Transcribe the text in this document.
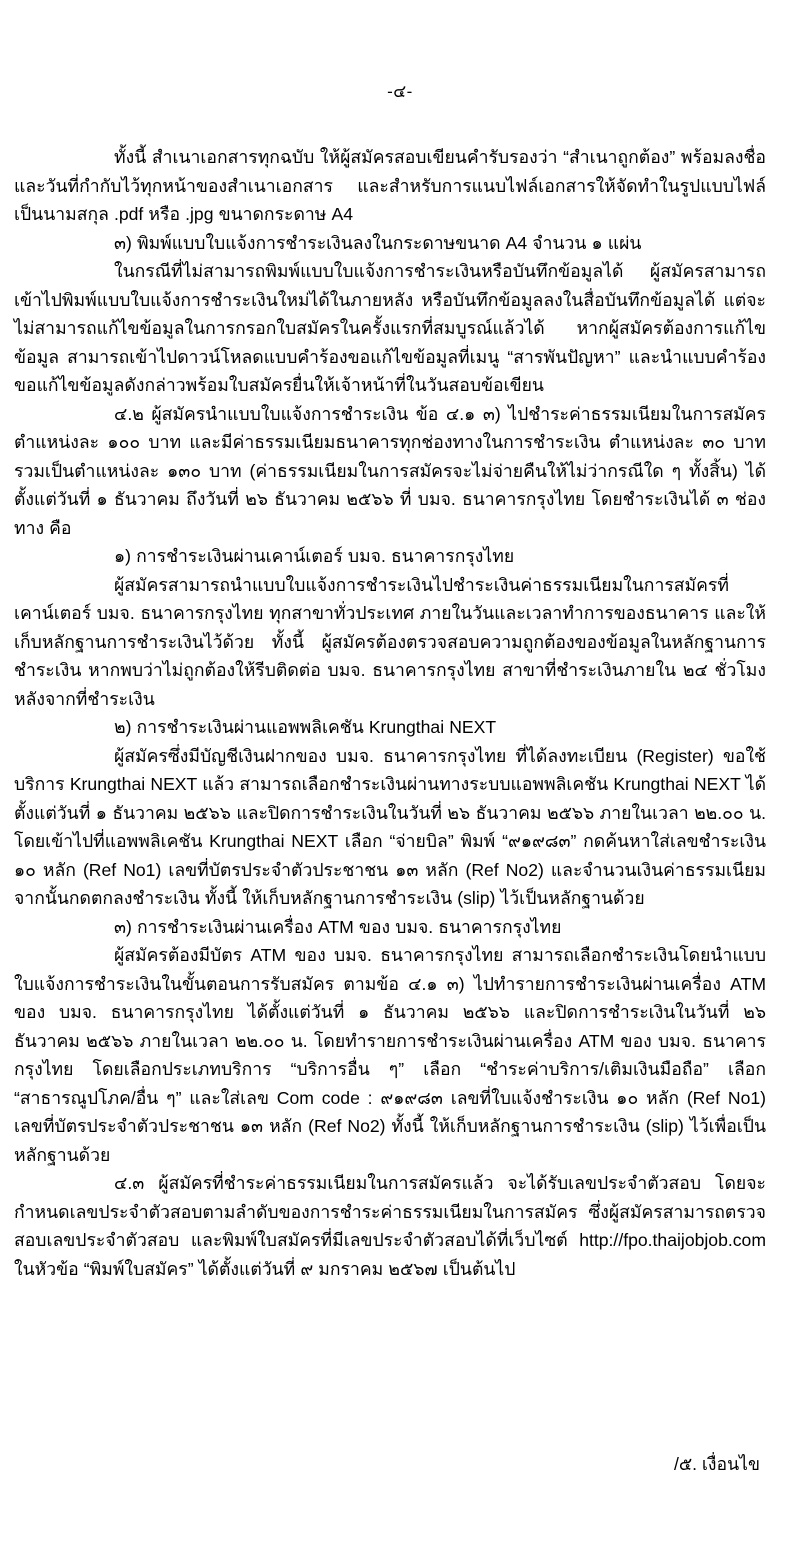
-๔-

ทั้งนี้ สำเนาเอกสารทุกฉบับ ให้ผู้สมัครสอบเขียนคำรับรองว่า “สำเนาถูกต้อง” พร้อมลงชื่อ และวันที่กำกับไว้ทุกหน้าของสำเนาเอกสาร และสำหรับการแนบไฟล์เอกสารให้จัดทำในรูปแบบไฟล์เป็นนามสกุล .pdf หรือ .jpg ขนาดกระดาษ A4

๓) พิมพ์แบบใบแจ้งการชำระเงินลงในกระดาษขนาด A4 จำนวน ๑ แผ่น

ในกรณีที่ไม่สามารถพิมพ์แบบใบแจ้งการชำระเงินหรือบันทึกข้อมูลได้ ผู้สมัครสามารถเข้าไปพิมพ์แบบใบแจ้งการชำระเงินใหม่ได้ในภายหลัง หรือบันทึกข้อมูลลงในสื่อบันทึกข้อมูลได้ แต่จะไม่สามารถแก้ไขข้อมูลในการกรอกใบสมัครในครั้งแรกที่สมบูรณ์แล้วได้ หากผู้สมัครต้องการแก้ไขข้อมูล สามารถเข้าไปดาวน์โหลดแบบคำร้องขอแก้ไขข้อมูลที่เมนู “สารพันปัญหา” และนำแบบคำร้องขอแก้ไขข้อมูลดังกล่าวพร้อมใบสมัครยื่นให้เจ้าหน้าที่ในวันสอบข้อเขียน

๔.๒ ผู้สมัครนำแบบใบแจ้งการชำระเงิน ข้อ ๔.๑ ๓) ไปชำระค่าธรรมเนียมในการสมัคร ตำแหน่งละ ๑๐๐ บาท และมีค่าธรรมเนียมธนาคารทุกช่องทางในการชำระเงิน ตำแหน่งละ ๓๐ บาท รวมเป็นตำแหน่งละ ๑๓๐ บาท (ค่าธรรมเนียมในการสมัครจะไม่จ่ายคืนให้ไม่ว่ากรณีใด ๆ ทั้งสิ้น) ได้ตั้งแต่วันที่ ๑ ธันวาคม ถึงวันที่ ๒๖ ธันวาคม ๒๕๖๖ ที่ บมจ. ธนาคารกรุงไทย โดยชำระเงินได้ ๓ ช่องทาง คือ

๑) การชำระเงินผ่านเคาน์เตอร์ บมจ. ธนาคารกรุงไทย

ผู้สมัครสามารถนำแบบใบแจ้งการชำระเงินไปชำระเงินค่าธรรมเนียมในการสมัครที่เคาน์เตอร์ บมจ. ธนาคารกรุงไทย ทุกสาขาทั่วประเทศ ภายในวันและเวลาทำการของธนาคาร และให้เก็บหลักฐานการชำระเงินไว้ด้วย ทั้งนี้ ผู้สมัครต้องตรวจสอบความถูกต้องของข้อมูลในหลักฐานการชำระเงิน หากพบว่าไม่ถูกต้องให้รีบติดต่อ บมจ. ธนาคารกรุงไทย สาขาที่ชำระเงินภายใน ๒๔ ชั่วโมง หลังจากที่ชำระเงิน

๒) การชำระเงินผ่านแอพพลิเคชัน Krungthai NEXT

ผู้สมัครซึ่งมีบัญชีเงินฝากของ บมจ. ธนาคารกรุงไทย ที่ได้ลงทะเบียน (Register) ขอใช้บริการ Krungthai NEXT แล้ว สามารถเลือกชำระเงินผ่านทางระบบแอพพลิเคชัน Krungthai NEXT ได้ตั้งแต่วันที่ ๑ ธันวาคม ๒๕๖๖ และปิดการชำระเงินในวันที่ ๒๖ ธันวาคม ๒๕๖๖ ภายในเวลา ๒๒.๐๐ น. โดยเข้าไปที่แอพพลิเคชัน Krungthai NEXT เลือก “จ่ายบิล” พิมพ์ “๙๑๙๘๓” กดค้นหาใส่เลขชำระเงิน ๑๐ หลัก (Ref No1) เลขที่บัตรประจำตัวประชาชน ๑๓ หลัก (Ref No2) และจำนวนเงินค่าธรรมเนียม จากนั้นกดตกลงชำระเงิน ทั้งนี้ ให้เก็บหลักฐานการชำระเงิน (slip) ไว้เป็นหลักฐานด้วย

๓) การชำระเงินผ่านเครื่อง ATM ของ บมจ. ธนาคารกรุงไทย

ผู้สมัครต้องมีบัตร ATM ของ บมจ. ธนาคารกรุงไทย สามารถเลือกชำระเงินโดยนำแบบใบแจ้งการชำระเงินในขั้นตอนการรับสมัคร ตามข้อ ๔.๑ ๓) ไปทำรายการชำระเงินผ่านเครื่อง ATM ของ บมจ. ธนาคารกรุงไทย ได้ตั้งแต่วันที่ ๑ ธันวาคม ๒๕๖๖ และปิดการชำระเงินในวันที่ ๒๖ ธันวาคม ๒๕๖๖ ภายในเวลา ๒๒.๐๐ น. โดยทำรายการชำระเงินผ่านเครื่อง ATM ของ บมจ. ธนาคารกรุงไทย โดยเลือกประเภทบริการ “บริการอื่น ๆ” เลือก “ชำระค่าบริการ/เติมเงินมือถือ” เลือก “สาธารณูปโภค/อื่น ๆ” และใส่เลข Com code : ๙๑๙๘๓ เลขที่ใบแจ้งชำระเงิน ๑๐ หลัก (Ref No1) เลขที่บัตรประจำตัวประชาชน ๑๓ หลัก (Ref No2) ทั้งนี้ ให้เก็บหลักฐานการชำระเงิน (slip) ไว้เพื่อเป็นหลักฐานด้วย

๔.๓ ผู้สมัครที่ชำระค่าธรรมเนียมในการสมัครแล้ว จะได้รับเลขประจำตัวสอบ โดยจะกำหนดเลขประจำตัวสอบตามลำดับของการชำระค่าธรรมเนียมในการสมัคร ซึ่งผู้สมัครสามารถตรวจสอบเลขประจำตัวสอบ และพิมพ์ใบสมัครที่มีเลขประจำตัวสอบได้ที่เว็บไซต์ http://fpo.thaijobjob.com ในหัวข้อ “พิมพ์ใบสมัคร” ได้ตั้งแต่วันที่ ๙ มกราคม ๒๕๖๗ เป็นต้นไป

/๕. เงื่อนไข
